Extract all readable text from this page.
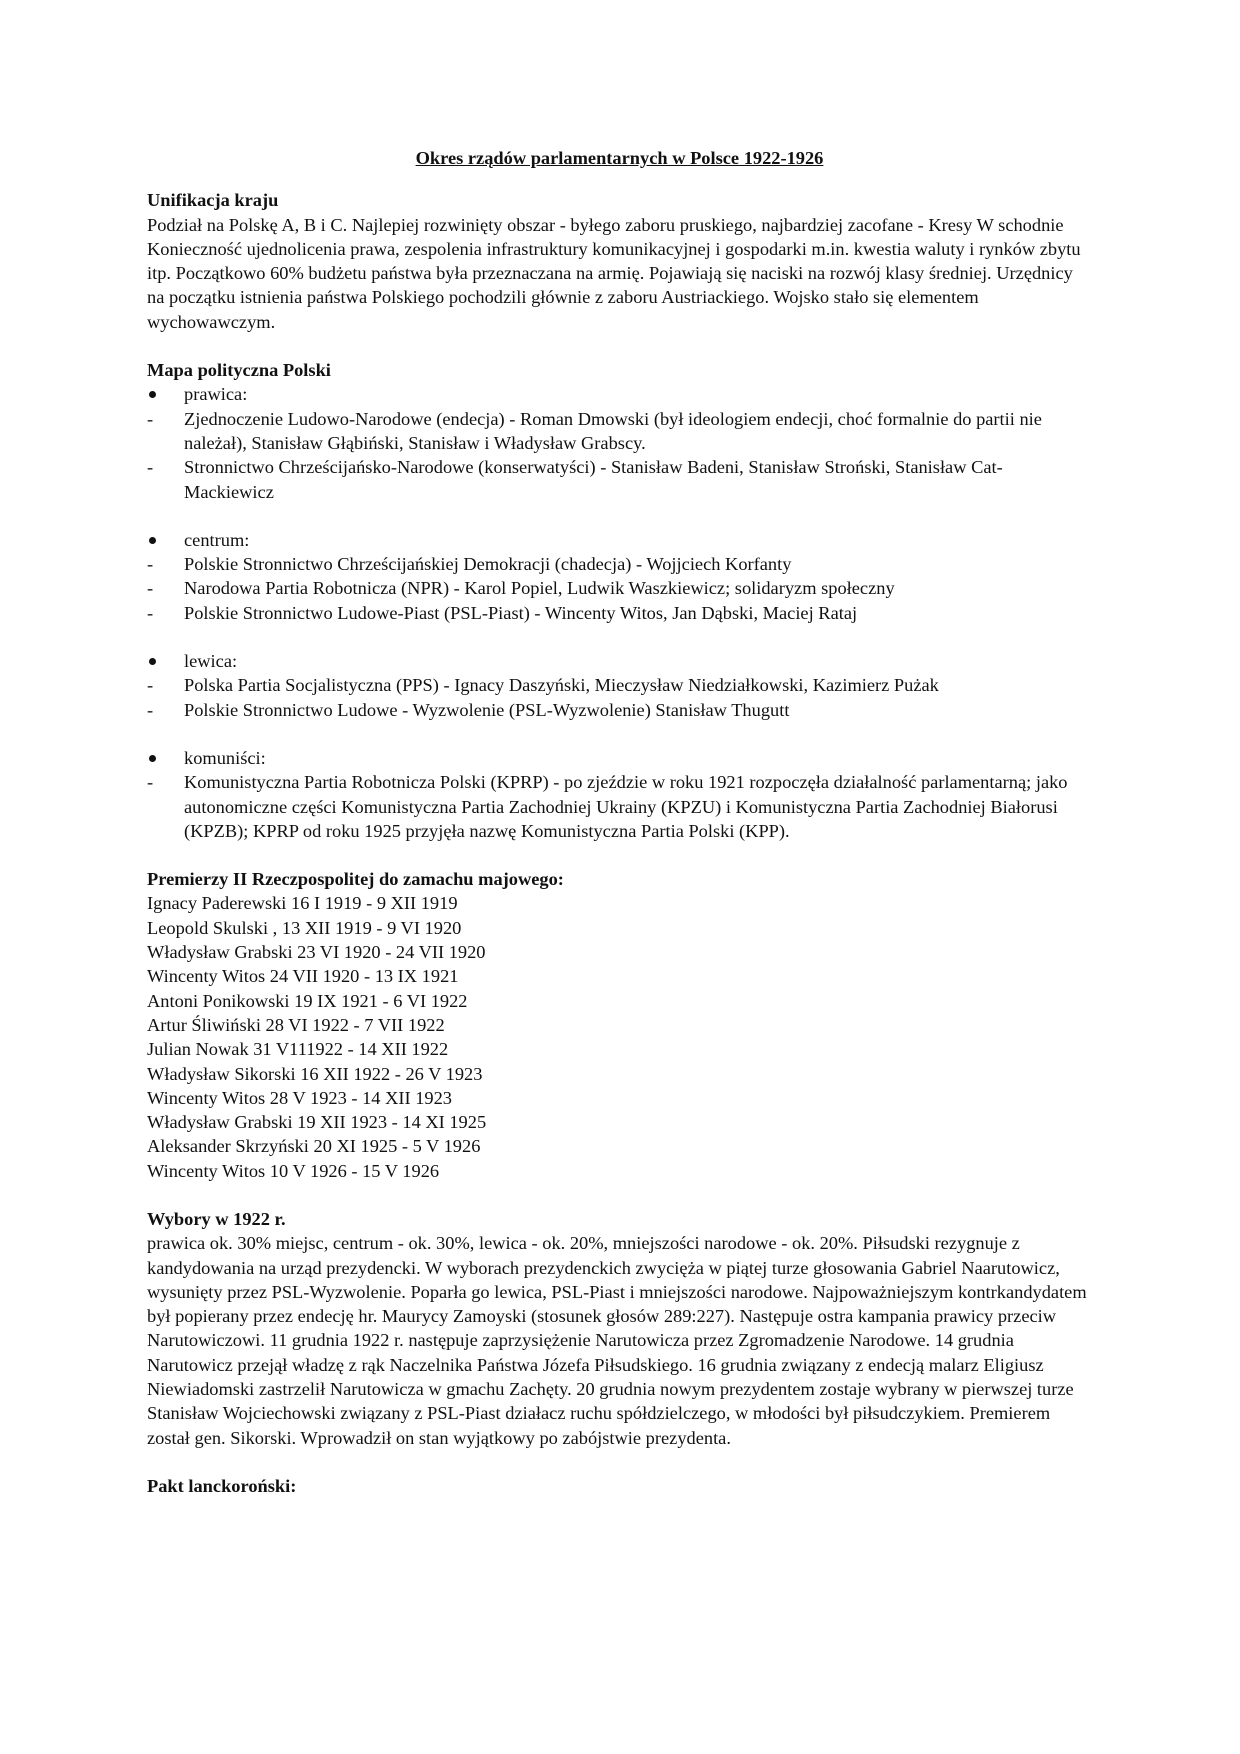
Okres rządów parlamentarnych w Polsce 1922-1926

Unifikacja kraju

Podział na Polskę A, B i C. Najlepiej rozwinięty obszar - byłego zaboru pruskiego, najbardziej zacofane - Kresy W schodnie

Konieczność ujednolicenia prawa, zespolenia infrastruktury komunikacyjnej i gospodarki m.in. kwestia waluty i rynków zbytu itp. Początkowo 60% budżetu państwa była przeznaczana na armię. Pojawiają się naciski na rozwój klasy średniej. Urzędnicy na początku istnienia państwa Polskiego pochodzili głównie z zaboru Austriackiego. Wojsko stało się elementem wychowawczym.

Mapa polityczna Polski

prawica:

- Zjednoczenie Ludowo-Narodowe (endecja) - Roman Dmowski (był ideologiem endecji, choć formalnie do partii nie należał), Stanisław Głąbiński, Stanisław i Władysław Grabscy.

- Stronnictwo Chrześcijańsko-Narodowe (konserwatyści) - Stanisław Badeni, Stanisław Stroński, Stanisław Cat-Mackiewicz

centrum:

- Polskie Stronnictwo Chrześcijańskiej Demokracji (chadecja) - Wojjciech Korfanty

- Narodowa Partia Robotnicza (NPR) - Karol Popiel, Ludwik Waszkiewicz; solidaryzm społeczny

- Polskie Stronnictwo Ludowe-Piast (PSL-Piast) - Wincenty Witos, Jan Dąbski, Maciej Rataj

lewica:

- Polska Partia Socjalistyczna (PPS) - Ignacy Daszyński, Mieczysław Niedziałkowski, Kazimierz Pużak

- Polskie Stronnictwo Ludowe - Wyzwolenie (PSL-Wyzwolenie) Stanisław Thugutt

komuniści:

- Komunistyczna Partia Robotnicza Polski (KPRP) - po zjeździe w roku 1921 rozpoczęła działalność parlamentarną; jako autonomiczne części Komunistyczna Partia Zachodniej Ukrainy (KPZU) i Komunistyczna Partia Zachodniej Białorusi (KPZB); KPRP od roku 1925 przyjęła nazwę Komunistyczna Partia Polski (KPP).

Premierzy II Rzeczpospolitej do zamachu majowego:

Ignacy Paderewski 16 I 1919 - 9 XII 1919

Leopold Skulski , 13 XII 1919 - 9 VI 1920

Władysław Grabski 23 VI 1920 - 24 VII 1920

Wincenty Witos 24 VII 1920 - 13 IX 1921

Antoni Ponikowski 19 IX 1921 - 6 VI 1922

Artur Śliwiński 28 VI 1922 - 7 VII 1922

Julian Nowak 31 V111922 - 14 XII 1922

Władysław Sikorski 16 XII 1922 - 26 V 1923

Wincenty Witos 28 V 1923 - 14 XII 1923

Władysław Grabski 19 XII 1923 - 14 XI 1925

Aleksander Skrzyński 20 XI 1925 - 5 V 1926

Wincenty Witos 10 V 1926 - 15 V 1926

Wybory w 1922 r.

prawica ok. 30% miejsc, centrum - ok. 30%, lewica - ok. 20%, mniejszości narodowe - ok. 20%. Piłsudski rezygnuje z kandydowania na urząd prezydencki. W wyborach prezydenckich zwycięża w piątej turze głosowania Gabriel Naarutowicz, wysunięty przez PSL-Wyzwolenie. Poparła go lewica, PSL-Piast i mniejszości narodowe. Najpoważniejszym kontrkandydatem był popierany przez endecję hr. Maurycy Zamoyski (stosunek głosów 289:227). Następuje ostra kampania prawicy przeciw Narutowiczowi. 11 grudnia 1922 r. następuje zaprzysiężenie Narutowicza przez Zgromadzenie Narodowe. 14 grudnia Narutowicz przejął władzę z rąk Naczelnika Państwa Józefa Piłsudskiego. 16 grudnia związany z endecją malarz Eligiusz Niewiadomski zastrzelił Narutowicza w gmachu Zachęty. 20 grudnia nowym prezydentem zostaje wybrany w pierwszej turze Stanisław Wojciechowski związany z PSL-Piast działacz ruchu spółdzielczego, w młodości był piłsudczykiem. Premierem został gen. Sikorski. Wprowadził on stan wyjątkowy po zabójstwie prezydenta.

Pakt lanckoroński:
